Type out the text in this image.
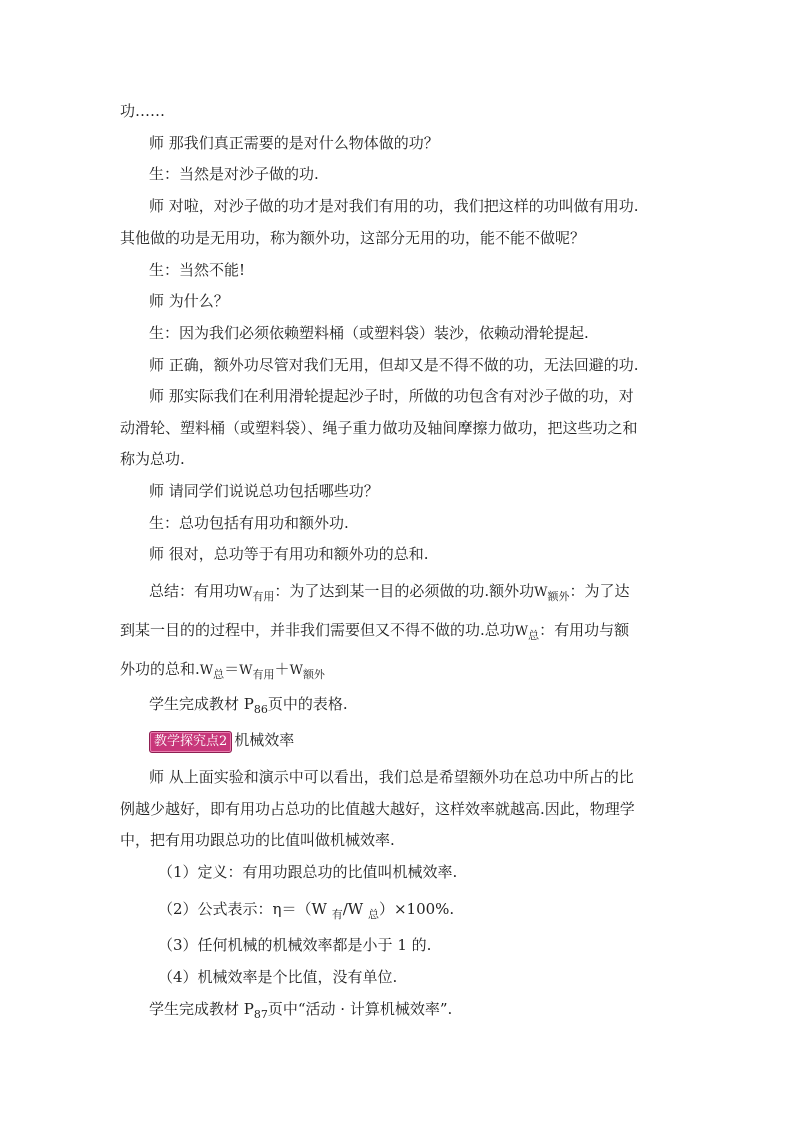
功……
师 那我们真正需要的是对什么物体做的功？
生：当然是对沙子做的功.
师 对啦，对沙子做的功才是对我们有用的功，我们把这样的功叫做有用功.
其他做的功是无用功，称为额外功，这部分无用的功，能不能不做呢？
生：当然不能!
师 为什么？
生：因为我们必须依赖塑料桶（或塑料袋）装沙，依赖动滑轮提起.
师 正确，额外功尽管对我们无用，但却又是不得不做的功，无法回避的功.
师 那实际我们在利用滑轮提起沙子时，所做的功包含有对沙子做的功，对
动滑轮、塑料桶（或塑料袋）、绳子重力做功及轴间摩擦力做功，把这些功之和
称为总功.
师 请同学们说说总功包括哪些功？
生：总功包括有用功和额外功.
师 很对，总功等于有用功和额外功的总和.
总结：有用功$W_{有用}$：为了达到某一目的必须做的功.额外功$W_{额外}$：为了达
到某一目的的过程中，并非我们需要但又不得不做的功.总功$W_总$：有用功与额
外功的总和$.W_总=W_{有用}+W_{额外}$
学生完成教材 $P_{86}$页中的表格.
教学探究点2 机械效率
师 从上面实验和演示中可以看出，我们总是希望额外功在总功中所占的比
例越少越好，即有用功占总功的比值越大越好，这样效率就越高.因此，物理学
中，把有用功跟总功的比值叫做机械效率.
（1）定义：有用功跟总功的比值叫机械效率.
（2）公式表示：η＝（W $_有$/W $_总$）×100%.
（3）任何机械的机械效率都是小于 1 的.
（4）机械效率是个比值，没有单位.
学生完成教材 $P_{87}$页中“活动 · 计算机械效率”.
